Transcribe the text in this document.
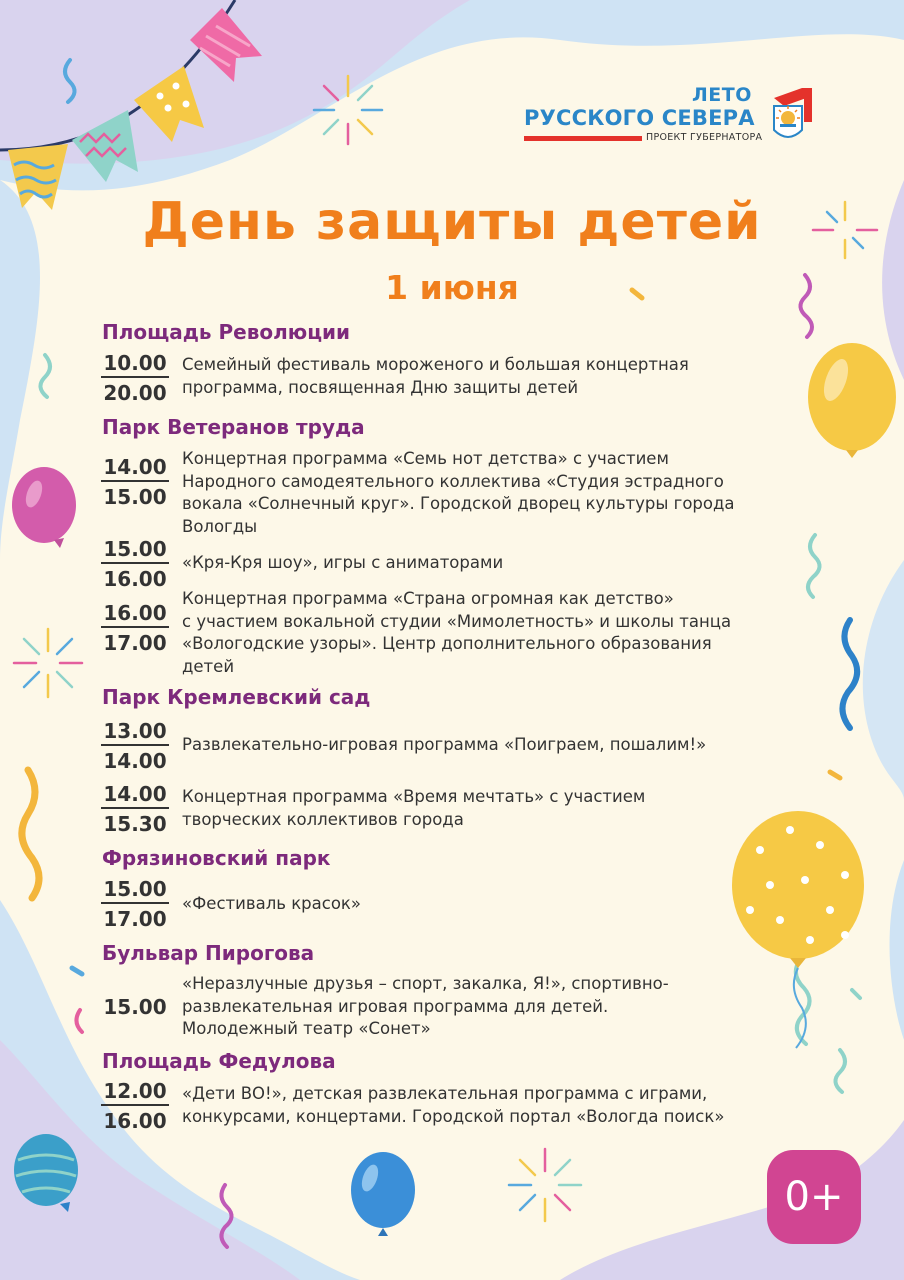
ЛЕТО
РУССКОГО СЕВЕРА
ПРОЕКТ ГУБЕРНАТОРА
День защиты детей
1 июня
Площадь Революции
10.00
20.00
Семейный фестиваль мороженого и большая концертная
программа, посвященная Дню защиты детей
Парк Ветеранов труда
14.00
15.00
Концертная программа «Семь нот детства» с участием
Народного самодеятельного коллектива «Студия эстрадного
вокала «Солнечный круг». Городской дворец культуры города
Вологды
15.00
16.00
«Кря-Кря шоу», игры с аниматорами
16.00
17.00
Концертная программа «Страна огромная как детство»
с участием вокальной студии «Мимолетность» и школы танца
«Вологодские узоры». Центр дополнительного образования
детей
Парк Кремлевский сад
13.00
14.00
Развлекательно-игровая программа «Поиграем, пошалим!»
14.00
15.30
Концертная программа «Время мечтать» с участием
творческих коллективов города
Фрязиновский парк
15.00
17.00
«Фестиваль красок»
Бульвар Пирогова
15.00
«Неразлучные друзья – спорт, закалка, Я!», спортивно-
развлекательная игровая программа для детей.
Молодежный театр «Сонет»
Площадь Федулова
12.00
16.00
«Дети ВО!», детская развлекательная программа с играми,
конкурсами, концертами. Городской портал «Вологда поиск»
0+
